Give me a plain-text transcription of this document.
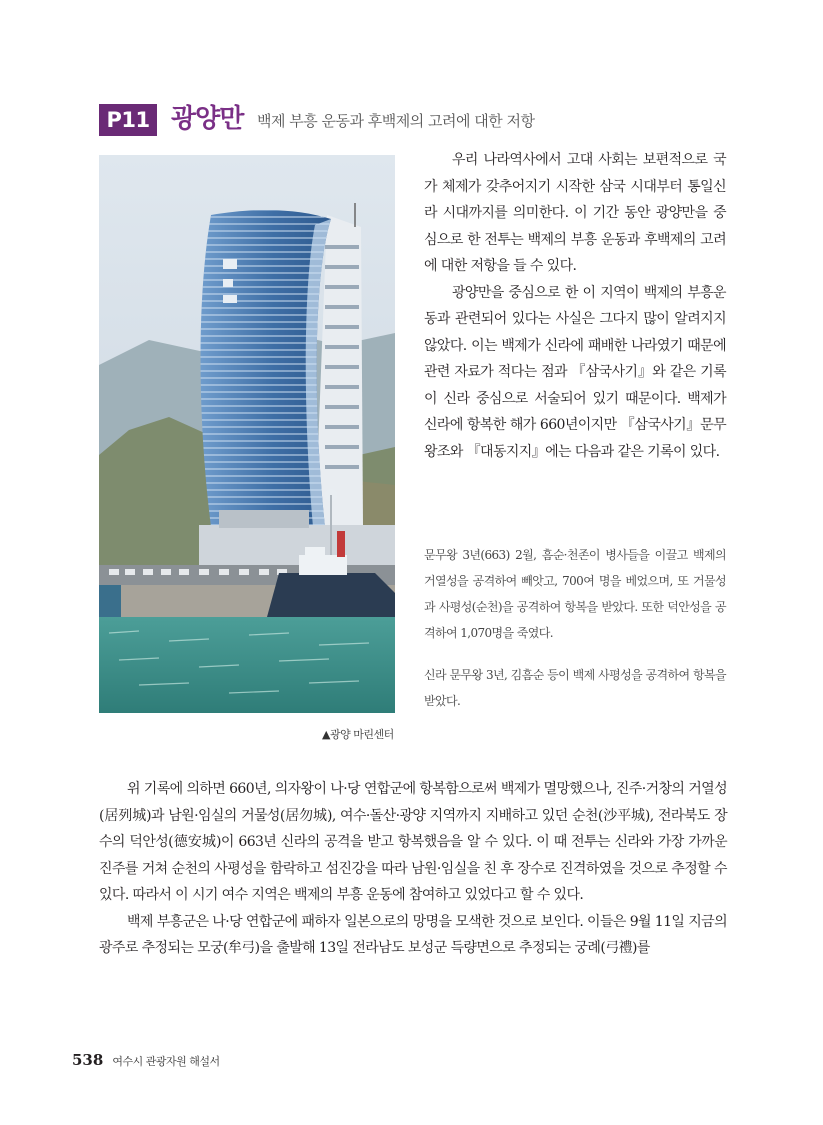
P11 광양만 백제 부흥 운동과 후백제의 고려에 대한 저항
▲광양 마린센터

우리 나라역사에서 고대 사회는 보편적으로 국가 체제가 갖추어지기 시작한 삼국 시대부터 통일신라 시대까지를 의미한다. 이 기간 동안 광양만을 중심으로 한 전투는 백제의 부흥 운동과 후백제의 고려에 대한 저항을 들 수 있다.

광양만을 중심으로 한 이 지역이 백제의 부흥운동과 관련되어 있다는 사실은 그다지 많이 알려지지 않았다. 이는 백제가 신라에 패배한 나라였기 때문에 관련 자료가 적다는 점과 『삼국사기』와 같은 기록이 신라 중심으로 서술되어 있기 때문이다. 백제가 신라에 항복한 해가 660년이지만 『삼국사기』문무왕조와 『대동지지』에는 다음과 같은 기록이 있다.

문무왕 3년(663) 2월, 흠순·천존이 병사들을 이끌고 백제의 거열성을 공격하여 빼앗고, 700여 명을 베었으며, 또 거물성과 사평성(순천)을 공격하여 항복을 받았다. 또한 덕안성을 공격하여 1,070명을 죽였다.

신라 문무왕 3년, 김흠순 등이 백제 사평성을 공격하여 항복을 받았다.

위 기록에 의하면 660년, 의자왕이 나·당 연합군에 항복함으로써 백제가 멸망했으나, 진주·거창의 거열성(居列城)과 남원·임실의 거물성(居勿城), 여수·돌산·광양 지역까지 지배하고 있던 순천(沙平城), 전라북도 장수의 덕안성(德安城)이 663년 신라의 공격을 받고 항복했음을 알 수 있다. 이 때 전투는 신라와 가장 가까운 진주를 거쳐 순천의 사평성을 함락하고 섬진강을 따라 남원·임실을 친 후 장수로 진격하였을 것으로 추정할 수 있다. 따라서 이 시기 여수 지역은 백제의 부흥 운동에 참여하고 있었다고 할 수 있다.

백제 부흥군은 나·당 연합군에 패하자 일본으로의 망명을 모색한 것으로 보인다. 이들은 9월 11일 지금의 광주로 추정되는 모궁(牟弓)을 출발해 13일 전라남도 보성군 득량면으로 추정되는 궁례(弓禮)를

538 여수시 관광자원 해설서
